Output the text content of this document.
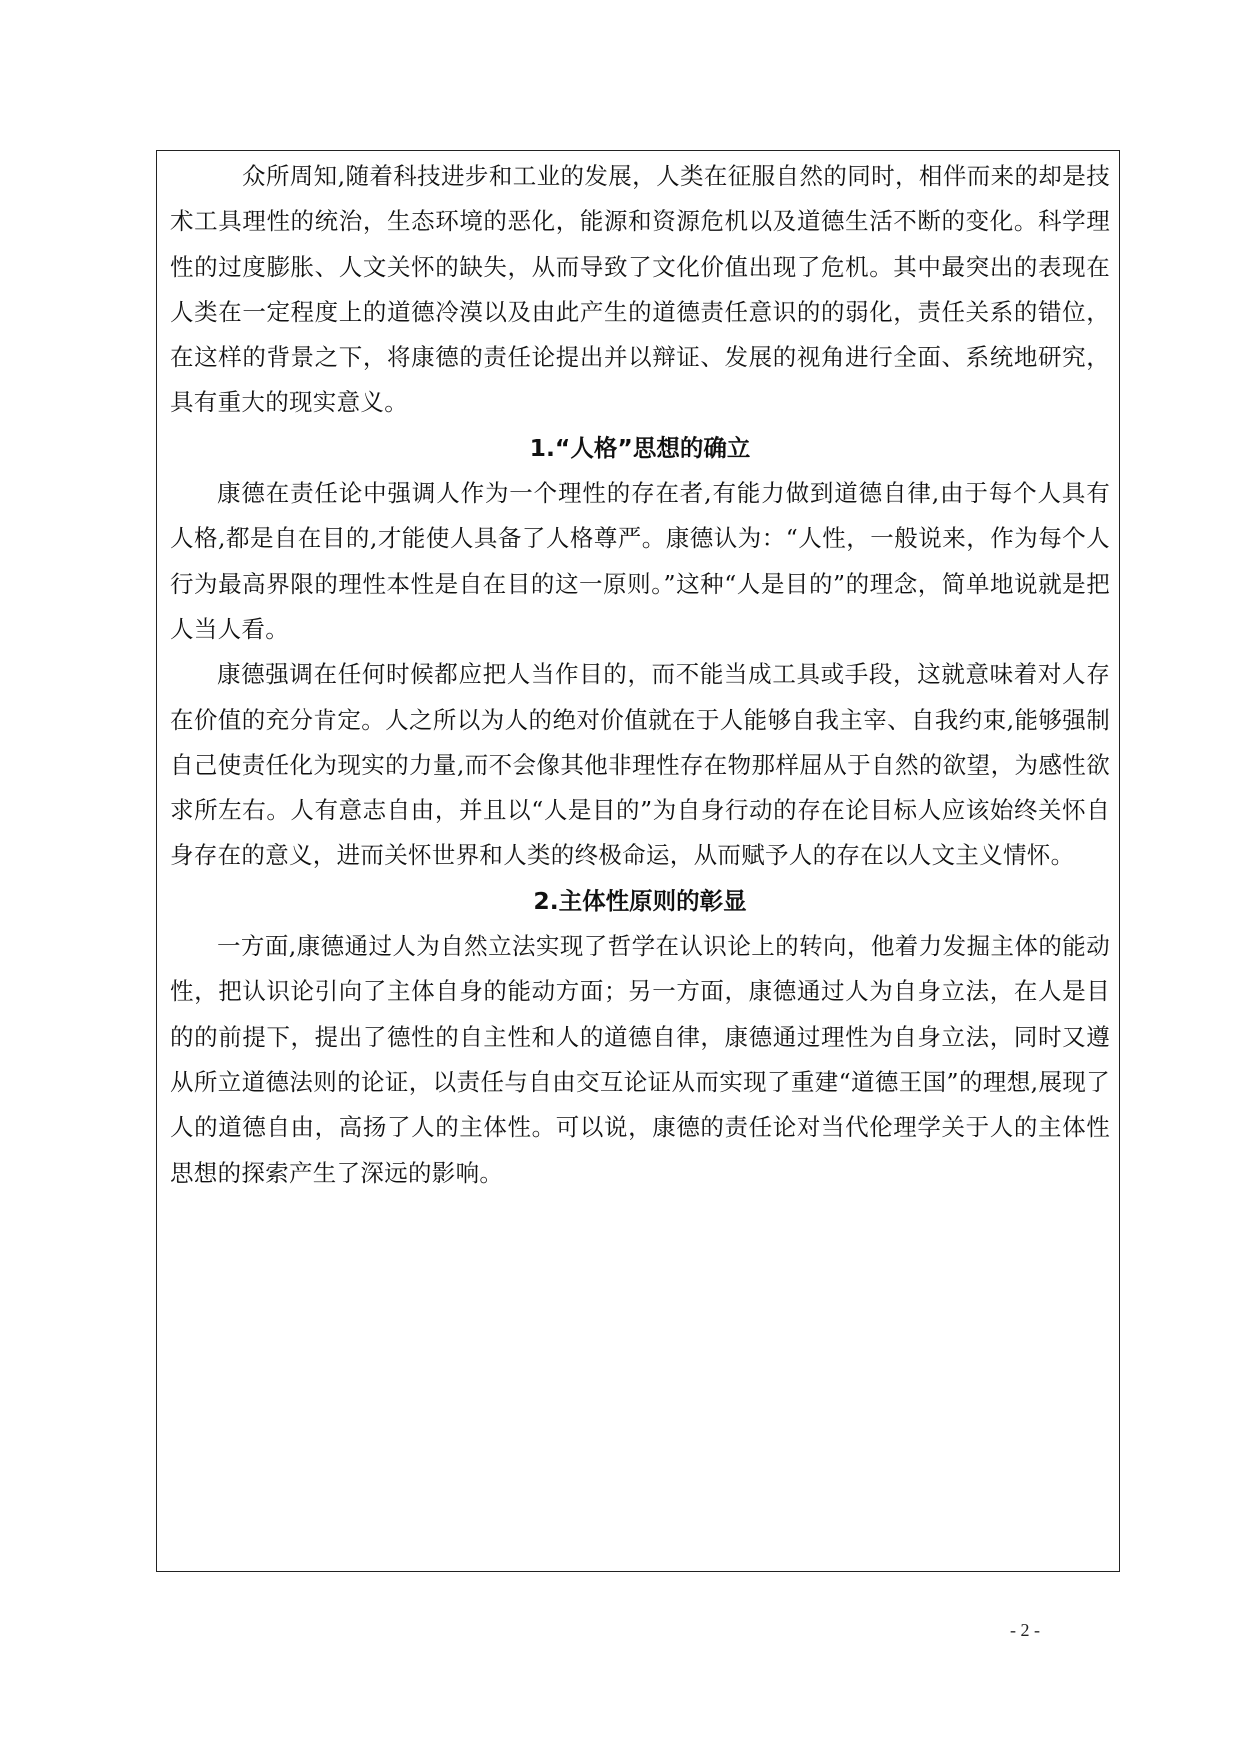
众所周知,随着科技进步和工业的发展，人类在征服自然的同时，相伴而来的却是技术工具理性的统治，生态环境的恶化，能源和资源危机以及道德生活不断的变化。科学理性的过度膨胀、人文关怀的缺失，从而导致了文化价值出现了危机。其中最突出的表现在人类在一定程度上的道德冷漠以及由此产生的道德责任意识的的弱化，责任关系的错位，在这样的背景之下，将康德的责任论提出并以辩证、发展的视角进行全面、系统地研究，具有重大的现实意义。

1.“人格”思想的确立

康德在责任论中强调人作为一个理性的存在者,有能力做到道德自律,由于每个人具有人格,都是自在目的,才能使人具备了人格尊严。康德认为：“人性，一般说来，作为每个人行为最高界限的理性本性是自在目的这一原则。”这种“人是目的”的理念，简单地说就是把人当人看。

康德强调在任何时候都应把人当作目的，而不能当成工具或手段，这就意味着对人存在价值的充分肯定。人之所以为人的绝对价值就在于人能够自我主宰、自我约束,能够强制自己使责任化为现实的力量,而不会像其他非理性存在物那样屈从于自然的欲望，为感性欲求所左右。人有意志自由，并且以“人是目的”为自身行动的存在论目标人应该始终关怀自身存在的意义，进而关怀世界和人类的终极命运，从而赋予人的存在以人文主义情怀。

2.主体性原则的彰显

一方面,康德通过人为自然立法实现了哲学在认识论上的转向，他着力发掘主体的能动性，把认识论引向了主体自身的能动方面；另一方面，康德通过人为自身立法，在人是目的的前提下，提出了德性的自主性和人的道德自律，康德通过理性为自身立法，同时又遵从所立道德法则的论证，以责任与自由交互论证从而实现了重建“道德王国”的理想,展现了人的道德自由，高扬了人的主体性。可以说，康德的责任论对当代伦理学关于人的主体性思想的探索产生了深远的影响。

- 2 -
